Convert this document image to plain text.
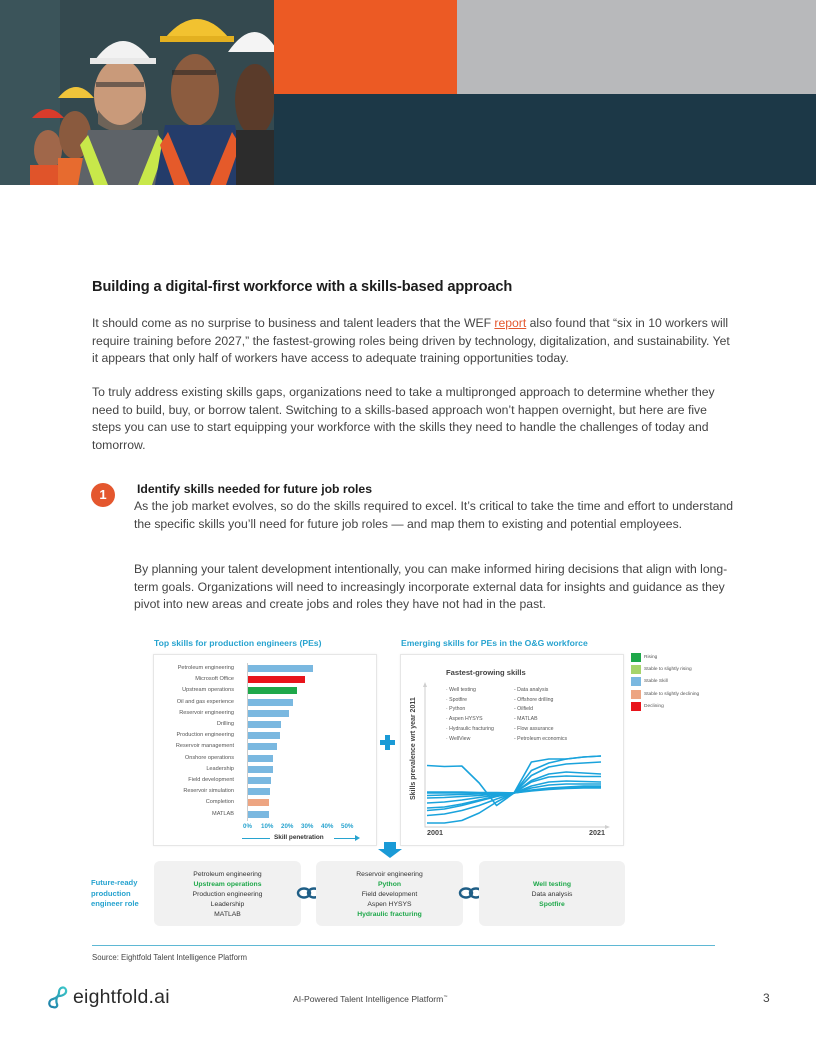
Building a digital-first workforce with a skills-based approach

It should come as no surprise to business and talent leaders that the WEF report also found that “six in 10 workers will require training before 2027,” the fastest-growing roles being driven by technology, digitalization, and sustainability. Yet it appears that only half of workers have access to adequate training opportunities today.

To truly address existing skills gaps, organizations need to take a multipronged approach to determine whether they need to build, buy, or borrow talent. Switching to a skills-based approach won’t happen overnight, but here are five steps you can use to start equipping your workforce with the skills they need to handle the challenges of today and tomorrow.

1	Identify skills needed for future job roles

As the job market evolves, so do the skills required to excel. It’s critical to take the time and effort to understand the specific skills you’ll need for future job roles — and map them to existing and potential employees.

By planning your talent development intentionally, you can make informed hiring decisions that align with long-term goals. Organizations will need to increasingly incorporate external data for insights and guidance as they pivot into new areas and create jobs and roles they have not had in the past.

Top skills for production engineers (PEs)	Emerging skills for PEs in the O&G workforce
Petroleum engineering
Microsoft Office
Upstream operations
Oil and gas experience
Reservoir engineering
Drilling
Production engineering
Reservoir management
Onshore operations
Leadership
Field development
Reservoir simulation
Completion
MATLAB
0% 10% 20% 30% 40% 50%
Skill penetration
Fastest-growing skills
· Well testing
· Spotfire
· Python
· Aspen HYSYS
· Hydraulic fracturing
· WellView
- Data analysis
- Offshore drilling
- Oilfield
- MATLAB
- Flow assurance
- Petroleum economics
Skills prevalence wrt year 2011
2001	2021
Rising
Stable to slightly rising
Stable Skill
Stable to slightly declining
Declining
Future-ready
production
engineer role
Petroleum engineering
Upstream operations
Production engineering
Leadership
MATLAB
Reservoir engineering
Python
Field development
Aspen HYSYS
Hydraulic fracturing
Well testing
Data analysis
Spotfire
Source: Eightfold Talent Intelligence Platform
eightfold.ai	AI-Powered Talent Intelligence Platform™	3
